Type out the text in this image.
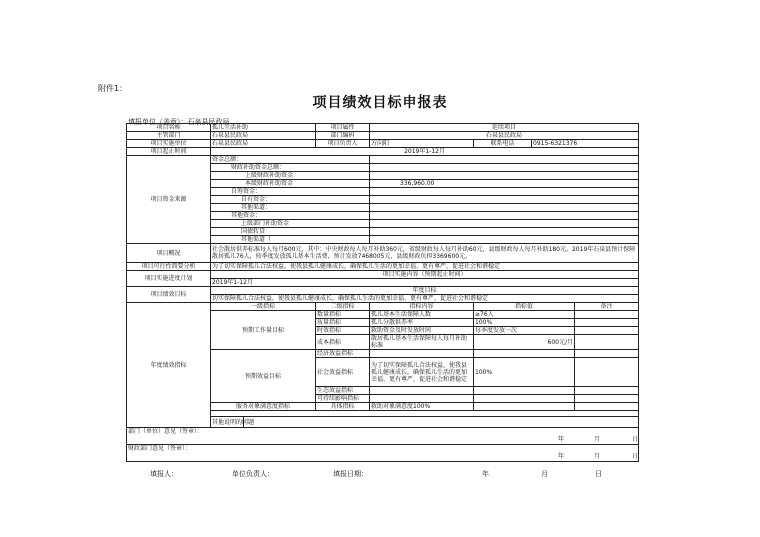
附件1：
项目绩效目标申报表
填报单位（盖章）：石泉县民政局
项目名称	孤儿生活补助		项目属性	延续项目			
主管部门	石泉县民政局		部门编码	石泉县民政局			
项目实施单位	石泉县民政局		项目负责人	方向阳	联系电话	0915-6321376	
项目起止时间	2019年1-12月						
项目资金来源	资金总额：						
	财政补助资金总额：						
	上级财政补助资金						
	本级财政补助资金			336,960.00			
	自筹资金：						
	自有资金：						
	其他渠道：						
	其他资金：						
	上级部门补助资金						
	国债转贷						
	其他渠道（						
项目概况	社会散居供养标准每人每月600元，其中：中央财政每人每月补助360元，省级财政每人每月补助60元，县级财政每人每月补助180元。2019年石泉县预计保障散居孤儿76人，按季度发放孤儿基本生活费，预计发放7468005元，县级财政负担3369600元。						
项目可行性简要分析	为了切实保障孤儿合法权益，使我县孤儿健康成长，确保孤儿生活的更加幸福、更有尊严，促进社会和谐稳定						
项目实施进度计划	项目实施内容（预期起止时间）						
	2019年1-12月						
项目绩效目标	年度目标						
	切实保障孤儿合法权益，使我县孤儿健康成长，确保孤儿生活的更加幸福、更有尊严，促进社会和谐稳定						
年度绩效指标	一级指标		二级指标	指标内容	指标值		备注
	预期工作量目标		数量指标	孤儿基本生活保障人数	≥76人		
			质量指标	孤儿分散供养率	100%		
			时效指标	救助资金及时发放时间	每季度发放一次		
			成本指标	散居孤儿基本生活保障每人每月补助标准	600元/月		
	预期效益目标		经济效益指标				
			社会效益指标	为了切实保障孤儿合法权益，使我县孤儿健康成长，确保孤儿生活的更加幸福、更有尊严，促进社会和谐稳定	100%		
			生态效益指标				
			可持续影响指标				
	服务对象满意度指标		具体指标	救助对象满意度100%			

	其他说明的问题						
部门（单位）意见（签章）：							
年 月 日							
财政部门意见（签章）：							
年 月 日							
填报人：	单位负责人：	填报日期：	年	月	日
